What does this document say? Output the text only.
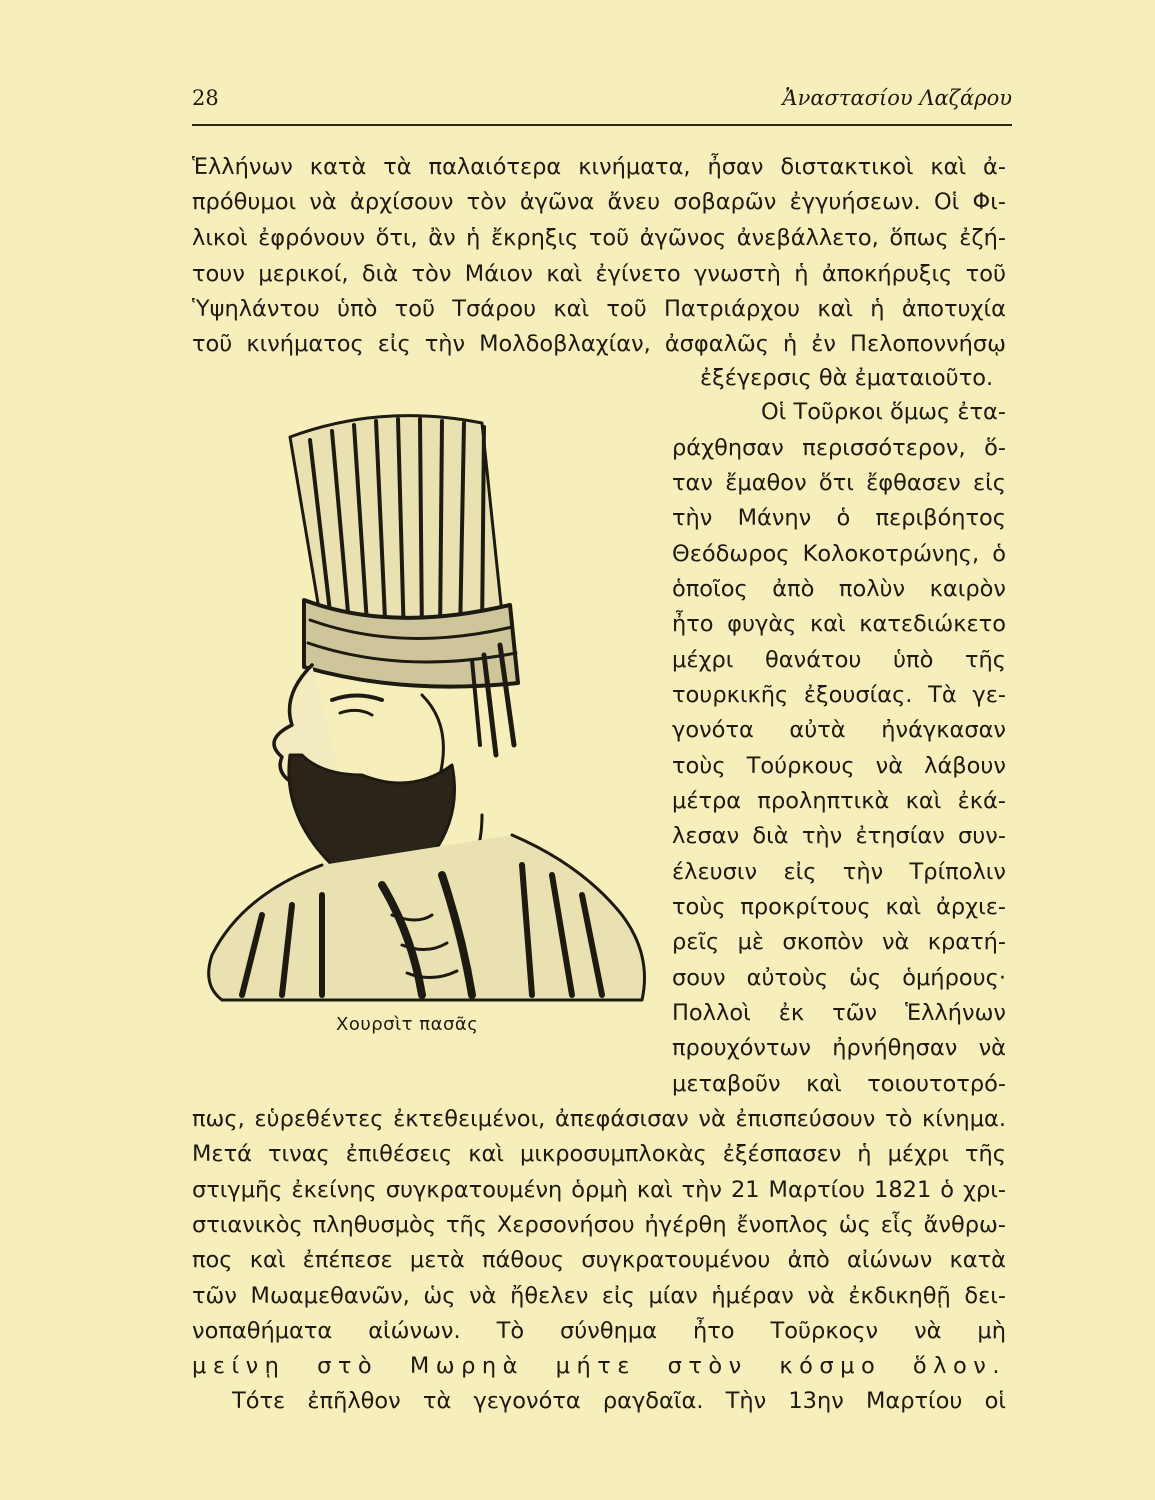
28	Ἀναστασίου Λαζάρου
Ἑλλήνων κατὰ τὰ παλαιότερα κινήματα, ἦσαν διστακτικοὶ καὶ ἀ-
πρόθυμοι νὰ ἀρχίσουν τὸν ἀγῶνα ἄνευ σοβαρῶν ἐγγυήσεων. Οἱ Φι-
λικοὶ ἐφρόνουν ὅτι, ἂν ἡ ἔκρηξις τοῦ ἀγῶνος ἀνεβάλλετο, ὅπως ἐζή-
τουν μερικοί, διὰ τὸν Μάιον καὶ ἐγίνετο γνωστὴ ἡ ἀποκήρυξις τοῦ
Ὑψηλάντου ὑπὸ τοῦ Τσάρου καὶ τοῦ Πατριάρχου καὶ ἡ ἀποτυχία
τοῦ κινήματος εἰς τὴν Μολδοβλαχίαν, ἀσφαλῶς ἡ ἐν Πελοποννήσῳ
ἐξέγερσις θὰ ἐματαιοῦτο.
Χουρσὶτ πασᾶς
Οἱ Τοῦρκοι ὅμως ἐτα-
ράχθησαν περισσότερον, ὅ-
ταν ἔμαθον ὅτι ἔφθασεν εἰς
τὴν Μάνην ὁ περιβόητος
Θεόδωρος Κολοκοτρώνης, ὁ
ὁποῖος ἀπὸ πολὺν καιρὸν
ἦτο φυγὰς καὶ κατεδιώκετο
μέχρι θανάτου ὑπὸ τῆς
τουρκικῆς ἐξουσίας. Τὰ γε-
γονότα αὐτὰ ἠνάγκασαν
τοὺς Τούρκους νὰ λάβουν
μέτρα προληπτικὰ καὶ ἐκά-
λεσαν διὰ τὴν ἐτησίαν συν-
έλευσιν εἰς τὴν Τρίπολιν
τοὺς προκρίτους καὶ ἀρχιε-
ρεῖς μὲ σκοπὸν νὰ κρατή-
σουν αὐτοὺς ὡς ὁμήρους·
Πολλοὶ ἐκ τῶν Ἑλλήνων
προυχόντων ἠρνήθησαν νὰ
μεταβοῦν καὶ τοιουτοτρό-
πως, εὑρεθέντες ἐκτεθειμένοι, ἀπεφάσισαν νὰ ἐπισπεύσουν τὸ κίνημα.
Μετά τινας ἐπιθέσεις καὶ μικροσυμπλοκὰς ἐξέσπασεν ἡ μέχρι τῆς
στιγμῆς ἐκείνης συγκρατουμένη ὁρμὴ καὶ τὴν 21 Μαρτίου 1821 ὁ χρι-
στιανικὸς πληθυσμὸς τῆς Χερσονήσου ἠγέρθη ἔνοπλος ὡς εἷς ἄνθρω-
πος καὶ ἐπέπεσε μετὰ πάθους συγκρατουμένου ἀπὸ αἰώνων κατὰ
τῶν Μωαμεθανῶν, ὡς νὰ ἤθελεν εἰς μίαν ἡμέραν νὰ ἐκδικηθῇ δει-
νοπαθήματα αἰώνων. Τὸ σύνθημα ἦτο Τοῦρκοςν νὰ μὴ
μείνῃ στὸ Μωρηὰ μήτε στὸν κόσμο ὅλον.
Τότε ἐπῆλθον τὰ γεγονότα ραγδαῖα. Τὴν 13ην Μαρτίου οἱ
